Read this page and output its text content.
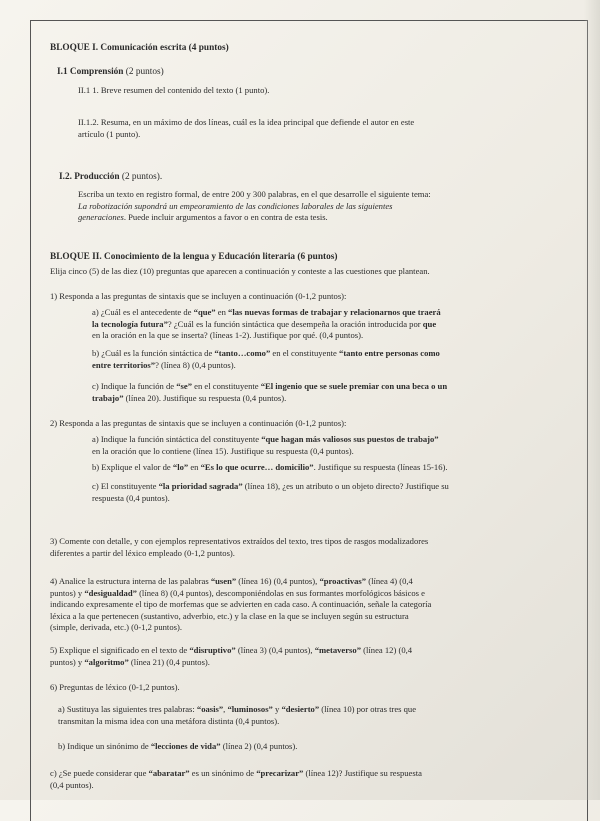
BLOQUE I. Comunicación escrita (4 puntos)
I.1 Comprensión (2 puntos)
II.1 1. Breve resumen del contenido del texto (1 punto).

II.1.2. Resuma, en un máximo de dos líneas, cuál es la idea principal que defiende el autor en este

artículo (1 punto).

I.2. Producción (2 puntos).

Escriba un texto en registro formal, de entre 200 y 300 palabras, en el que desarrolle el siguiente tema:

La robotización supondrá un empeoramiento de las condiciones laborales de las siguientes

generaciones. Puede incluir argumentos a favor o en contra de esta tesis.

BLOQUE II. Conocimiento de la lengua y Educación literaria (6 puntos)
Elija cinco (5) de las diez (10) preguntas que aparecen a continuación y conteste a las cuestiones que plantean.
1) Responda a las preguntas de sintaxis que se incluyen a continuación (0-1,2 puntos):

a) ¿Cuál es el antecedente de “que” en “las nuevas formas de trabajar y relacionarnos que traerá

la tecnología futura”? ¿Cuál es la función sintáctica que desempeña la oración introducida por que

en la oración en la que se inserta? (líneas 1-2). Justifique por qué. (0,4 puntos).

b) ¿Cuál es la función sintáctica de “tanto…como” en el constituyente “tanto entre personas como

entre territorios”? (línea 8) (0,4 puntos).

c) Indique la función de “se” en el constituyente “El ingenio que se suele premiar con una beca o un

trabajo” (línea 20). Justifique su respuesta (0,4 puntos).

2) Responda a las preguntas de sintaxis que se incluyen a continuación (0-1,2 puntos):

a) Indique la función sintáctica del constituyente “que hagan más valiosos sus puestos de trabajo”

en la oración que lo contiene (línea 15). Justifique su respuesta (0,4 puntos).

b) Explique el valor de “lo” en “Es lo que ocurre… domicilio”. Justifique su respuesta (líneas 15-16).

c) El constituyente “la prioridad sagrada” (línea 18), ¿es un atributo o un objeto directo? Justifique su

respuesta (0,4 puntos).

3) Comente con detalle, y con ejemplos representativos extraídos del texto, tres tipos de rasgos modalizadores

diferentes a partir del léxico empleado (0-1,2 puntos).

4) Analice la estructura interna de las palabras “usen” (línea 16) (0,4 puntos), “proactivas” (línea 4) (0,4

puntos) y “desigualdad” (línea 8) (0,4 puntos), descomponiéndolas en sus formantes morfológicos básicos e

indicando expresamente el tipo de morfemas que se advierten en cada caso. A continuación, señale la categoría

léxica a la que pertenecen (sustantivo, adverbio, etc.) y la clase en la que se incluyen según su estructura

(simple, derivada, etc.) (0-1,2 puntos).

5) Explique el significado en el texto de “disruptivo” (línea 3) (0,4 puntos), “metaverso” (línea 12) (0,4

puntos) y “algoritmo” (línea 21) (0,4 puntos).

6) Preguntas de léxico (0-1,2 puntos).

a) Sustituya las siguientes tres palabras: “oasis”, “luminosos” y “desierto” (línea 10) por otras tres que

transmitan la misma idea con una metáfora distinta (0,4 puntos).

b) Indique un sinónimo de “lecciones de vida” (línea 2) (0,4 puntos).

c) ¿Se puede considerar que “abaratar” es un sinónimo de “precarizar” (línea 12)? Justifique su respuesta

(0,4 puntos).
